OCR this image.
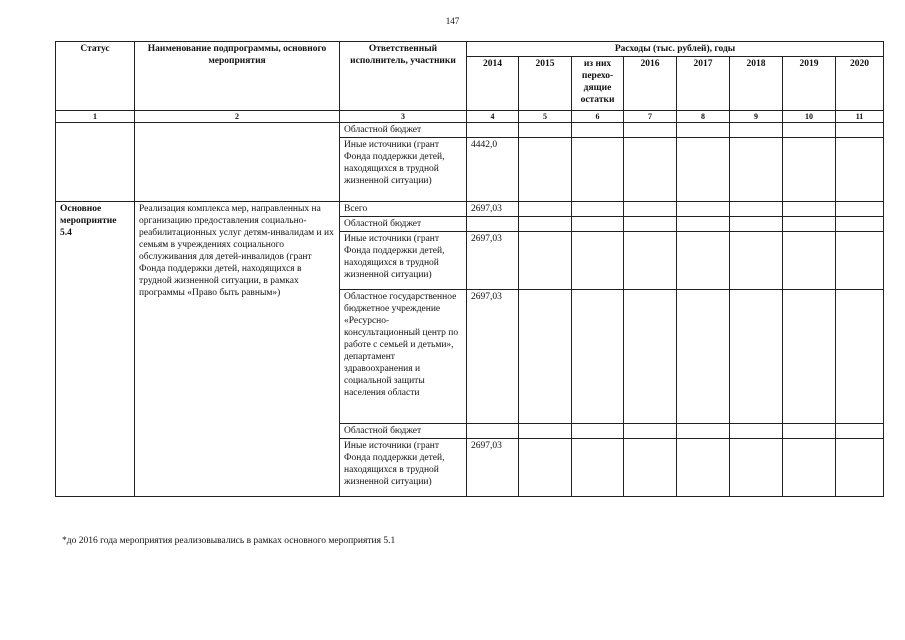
147
Статус	Наименование подпрограммы, основного мероприятия	Ответственный исполнитель, участники	Расходы (тыс. рублей), годы							
			2014	2015	из них перехо-дящие остатки	2016	2017	2018	2019	2020
1	2	3	4	5	6	7	8	9	10	11
		Областной бюджет								
		Иные источники (грант Фонда поддержки детей, находящихся в трудной жизненной ситуации)	4442,0							
Основное мероприятие 5.4	Реализация комплекса мер, направленных на организацию предоставления социально-реабилитационных услуг детям-инвалидам и их семьям в учреждениях социального обслуживания для детей-инвалидов (грант Фонда поддержки детей, находящихся в трудной жизненной ситуации, в рамках программы «Право быть равным»)	Всего	2697,03							
		Областной бюджет								
		Иные источники (грант Фонда поддержки детей, находящихся в трудной жизненной ситуации)	2697,03							
		Областное государственное бюджетное учреждение «Ресурсно-консультационный центр по работе с семьей и детьми», департамент здравоохранения и социальной защиты населения области	2697,03							
		Областной бюджет								
		Иные источники (грант Фонда поддержки детей, находящихся в трудной жизненной ситуации)	2697,03							
*до 2016 года мероприятия реализовывались в рамках основного мероприятия 5.1
